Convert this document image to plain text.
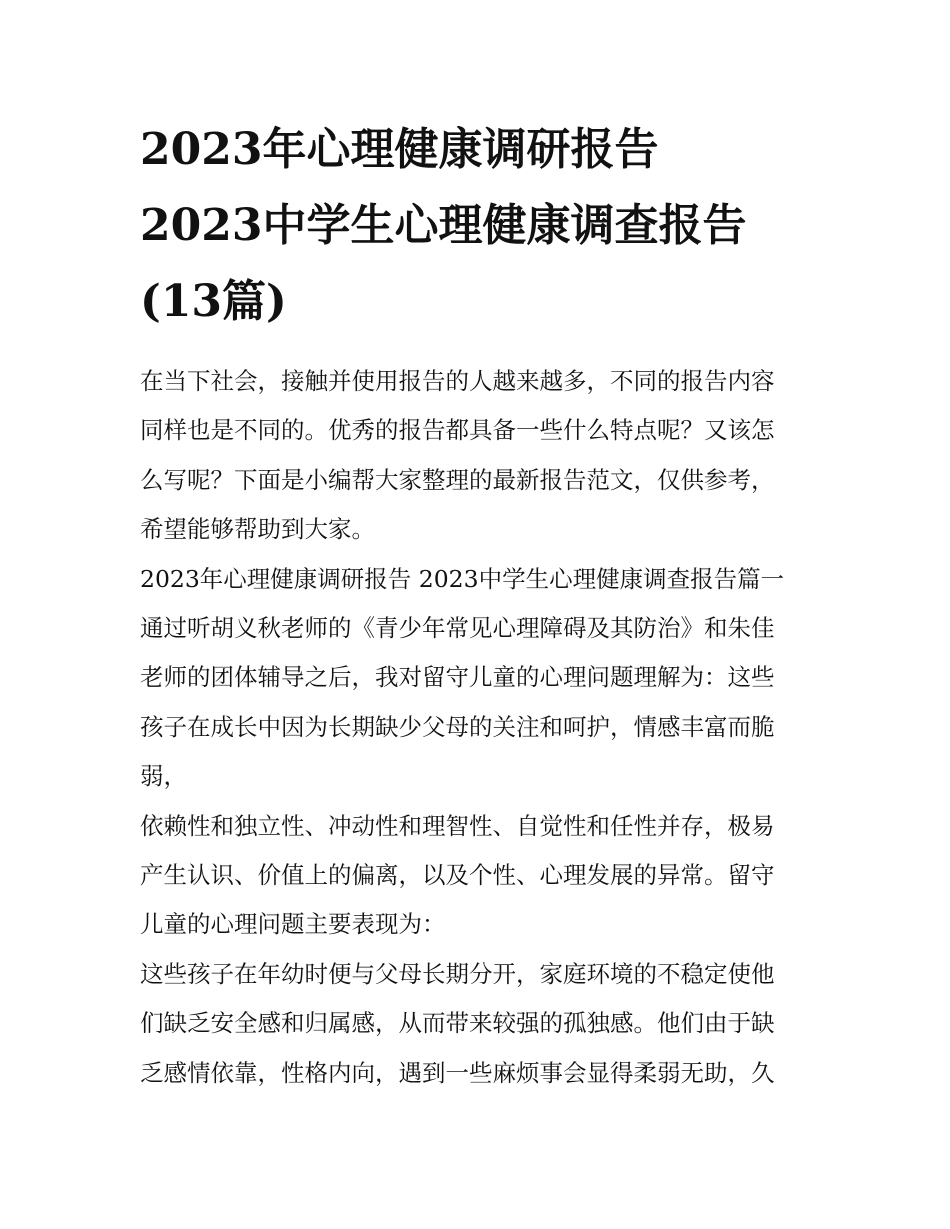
2023年心理健康调研报告
2023中学生心理健康调查报告
(13篇)
在当下社会，接触并使用报告的人越来越多，不同的报告内容
同样也是不同的。优秀的报告都具备一些什么特点呢？又该怎
么写呢？下面是小编帮大家整理的最新报告范文，仅供参考，
希望能够帮助到大家。
2023年心理健康调研报告 2023中学生心理健康调查报告篇一
通过听胡义秋老师的《青少年常见心理障碍及其防治》和朱佳
老师的团体辅导之后，我对留守儿童的心理问题理解为：这些
孩子在成长中因为长期缺少父母的关注和呵护，情感丰富而脆
弱，
依赖性和独立性、冲动性和理智性、自觉性和任性并存，极易
产生认识、价值上的偏离，以及个性、心理发展的异常。留守
儿童的心理问题主要表现为：
这些孩子在年幼时便与父母长期分开，家庭环境的不稳定使他
们缺乏安全感和归属感，从而带来较强的孤独感。他们由于缺
乏感情依靠，性格内向，遇到一些麻烦事会显得柔弱无助，久
